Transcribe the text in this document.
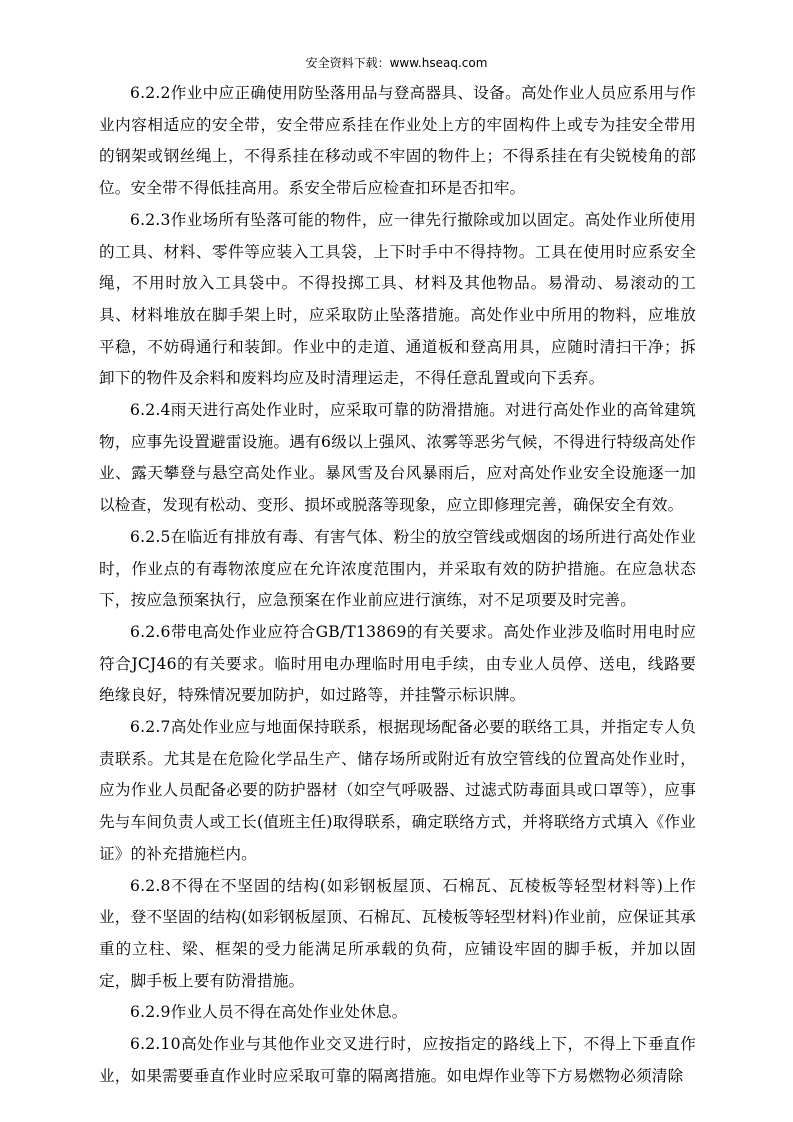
安全资料下载：www.hseaq.com

6.2.2作业中应正确使用防坠落用品与登高器具、设备。高处作业人员应系用与作业内容相适应的安全带，安全带应系挂在作业处上方的牢固构件上或专为挂安全带用的钢架或钢丝绳上，不得系挂在移动或不牢固的物件上；不得系挂在有尖锐棱角的部位。安全带不得低挂高用。系安全带后应检查扣环是否扣牢。

6.2.3作业场所有坠落可能的物件，应一律先行撤除或加以固定。高处作业所使用的工具、材料、零件等应装入工具袋，上下时手中不得持物。工具在使用时应系安全绳，不用时放入工具袋中。不得投掷工具、材料及其他物品。易滑动、易滚动的工具、材料堆放在脚手架上时，应采取防止坠落措施。高处作业中所用的物料，应堆放平稳，不妨碍通行和装卸。作业中的走道、通道板和登高用具，应随时清扫干净；拆卸下的物件及余料和废料均应及时清理运走，不得任意乱置或向下丢弃。

6.2.4雨天进行高处作业时，应采取可靠的防滑措施。对进行高处作业的高耸建筑物，应事先设置避雷设施。遇有6级以上强风、浓雾等恶劣气候，不得进行特级高处作业、露天攀登与悬空高处作业。暴风雪及台风暴雨后，应对高处作业安全设施逐一加以检查，发现有松动、变形、损坏或脱落等现象，应立即修理完善，确保安全有效。

6.2.5在临近有排放有毒、有害气体、粉尘的放空管线或烟囱的场所进行高处作业时，作业点的有毒物浓度应在允许浓度范围内，并采取有效的防护措施。在应急状态下，按应急预案执行，应急预案在作业前应进行演练，对不足项要及时完善。

6.2.6带电高处作业应符合GB/T13869的有关要求。高处作业涉及临时用电时应符合JCJ46的有关要求。临时用电办理临时用电手续，由专业人员停、送电，线路要绝缘良好，特殊情况要加防护，如过路等，并挂警示标识牌。

6.2.7高处作业应与地面保持联系，根据现场配备必要的联络工具，并指定专人负责联系。尤其是在危险化学品生产、储存场所或附近有放空管线的位置高处作业时，应为作业人员配备必要的防护器材（如空气呼吸器、过滤式防毒面具或口罩等），应事先与车间负责人或工长(值班主任)取得联系，确定联络方式，并将联络方式填入《作业证》的补充措施栏内。

6.2.8不得在不坚固的结构(如彩钢板屋顶、石棉瓦、瓦棱板等轻型材料等)上作业，登不坚固的结构(如彩钢板屋顶、石棉瓦、瓦棱板等轻型材料)作业前，应保证其承重的立柱、梁、框架的受力能满足所承载的负荷，应铺设牢固的脚手板，并加以固定，脚手板上要有防滑措施。

6.2.9作业人员不得在高处作业处休息。

6.2.10高处作业与其他作业交叉进行时，应按指定的路线上下，不得上下垂直作业，如果需要垂直作业时应采取可靠的隔离措施。如电焊作业等下方易燃物必须清除
